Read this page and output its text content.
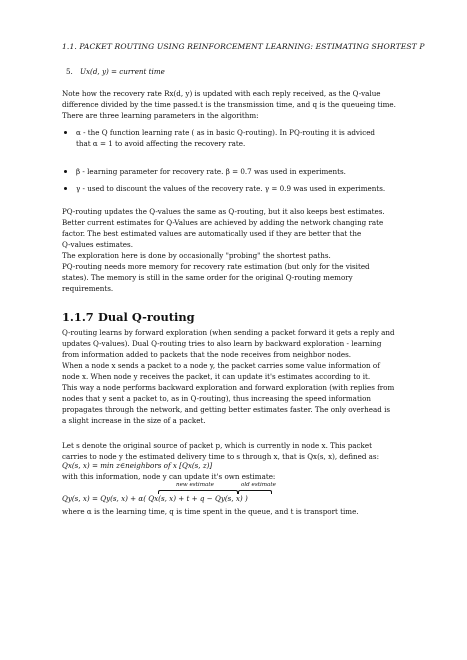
1.1. PACKET ROUTING USING REINFORCEMENT LEARNING: ESTIMATING SHORTEST P
5. Ux(d, y) = current time
Note how the recovery rate Rx(d, y) is updated with each reply received, as the Q-value
difference divided by the time passed.t is the transmission time, and q is the queueing time.
There are three learning parameters in the algorithm:
α - the Q function learning rate ( as in basic Q-routing). In PQ-routing it is adviced
that α = 1 to avoid affecting the recovery rate.
β - learning parameter for recovery rate. β = 0.7 was used in experiments.
γ - used to discount the values of the recovery rate. γ = 0.9 was used in experiments.
PQ-routing updates the Q-values the same as Q-routing, but it also keeps best estimates.
Better current estimates for Q-Values are achieved by adding the network changing rate
factor. The best estimated values are automatically used if they are better that the
Q-values estimates.
The exploration here is done by occasionally "probing" the shortest paths.
PQ-routing needs more memory for recovery rate estimation (but only for the visited
states). The memory is still in the same order for the original Q-routing memory
requirements.
1.1.7 Dual Q-routing
Q-routing learns by forward exploration (when sending a packet forward it gets a reply and
updates Q-values). Dual Q-routing tries to also learn by backward exploration - learning
from information added to packets that the node receives from neighbor nodes.
When a node x sends a packet to a node y, the packet carries some value information of
node x. When node y receives the packet, it can update it's estimates according to it.
This way a node performs backward exploration and forward exploration (with replies from
nodes that y sent a packet to, as in Q-routing), thus increasing the speed information
propagates through the network, and getting better estimates faster. The only overhead is
a slight increase in the size of a packet.
Let s denote the original source of packet p, which is currently in node x. This packet
carries to node y the estimated delivery time to s through x, that is Qx(s, x), defined as:
Qx(s, x) = min z∈neighbors of x [Qx(s, z)]
with this information, node y can update it's own estimate:
new estimate	old estimate
Qy(s, x) = Qy(s, x) + α( Qx(s, x) + t + q − Qy(s, x) )
where α is the learning time, q is time spent in the queue, and t is transport time.
